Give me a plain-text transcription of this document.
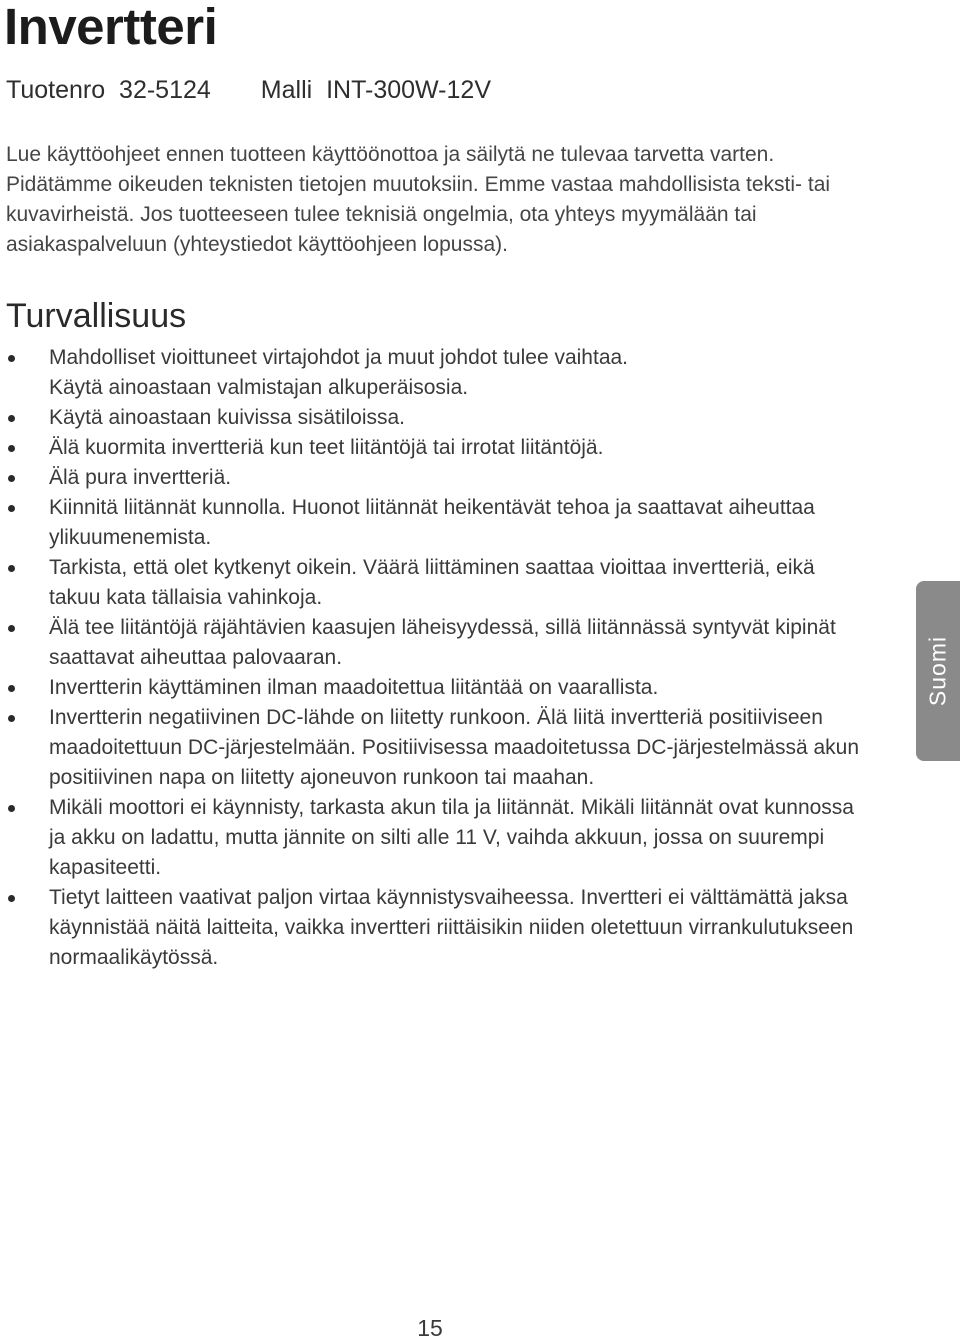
Invertteri
Tuotenro 32-5124 Malli INT-300W-12V

Lue käyttöohjeet ennen tuotteen käyttöönottoa ja säilytä ne tulevaa tarvetta varten. Pidätämme oikeuden teknisten tietojen muutoksiin. Emme vastaa mahdollisista teksti- tai kuvavirheistä. Jos tuotteeseen tulee teknisiä ongelmia, ota yhteys myymälään tai asiakaspalveluun (yhteystiedot käyttöohjeen lopussa).

Turvallisuus
Mahdolliset vioittuneet virtajohdot ja muut johdot tulee vaihtaa.
Käytä ainoastaan valmistajan alkuperäisosia.
Käytä ainoastaan kuivissa sisätiloissa.
Älä kuormita invertteriä kun teet liitäntöjä tai irrotat liitäntöjä.
Älä pura invertteriä.
Kiinnitä liitännät kunnolla. Huonot liitännät heikentävät tehoa ja saattavat aiheuttaa ylikuumenemista.
Tarkista, että olet kytkenyt oikein. Väärä liittäminen saattaa vioittaa invertteriä, eikä takuu kata tällaisia vahinkoja.
Älä tee liitäntöjä räjähtävien kaasujen läheisyydessä, sillä liitännässä syntyvät kipinät saattavat aiheuttaa palovaaran.
Invertterin käyttäminen ilman maadoitettua liitäntää on vaarallista.
Invertterin negatiivinen DC-lähde on liitetty runkoon. Älä liitä invertteriä positiiviseen maadoitettuun DC-järjestelmään. Positiivisessa maadoitetussa DC-järjestelmässä akun positiivinen napa on liitetty ajoneuvon runkoon tai maahan.
Mikäli moottori ei käynnisty, tarkasta akun tila ja liitännät. Mikäli liitännät ovat kunnossa ja akku on ladattu, mutta jännite on silti alle 11 V, vaihda akkuun, jossa on suurempi kapasiteetti.
Tietyt laitteen vaativat paljon virtaa käynnistysvaiheessa. Invertteri ei välttämättä jaksa käynnistää näitä laitteita, vaikka invertteri riittäisikin niiden oletettuun virrankulutukseen normaalikäytössä.
Suomi
15
